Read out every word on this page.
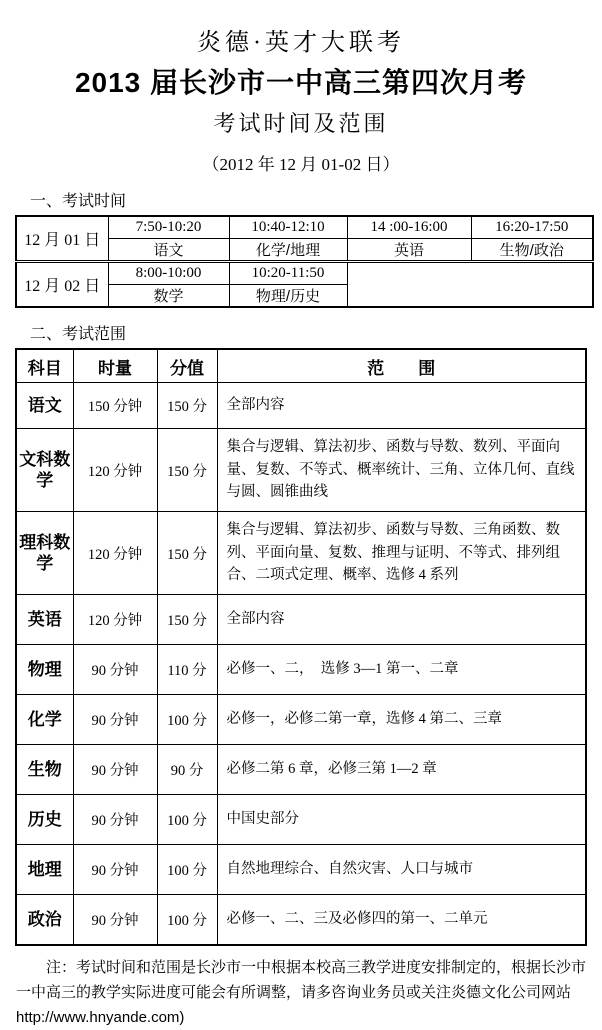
炎德·英才大联考
2013 届长沙市一中高三第四次月考
考试时间及范围
（2012 年 12 月 01-02 日）
一、考试时间
12 月 01 日	7:50-10:20	10:40-12:10	14 :00-16:00	16:20-17:50
	语文	化学/地理	英语	生物/政治
12 月 02 日	8:00-10:00	10:20-11:50		
	数学	物理/历史		
二、考试范围
科目	时量	分值	范　　围
语文	150 分钟	150 分	全部内容
文科数学	120 分钟	150 分	集合与逻辑、算法初步、函数与导数、数列、平面向量、复数、不等式、概率统计、三角、立体几何、直线与圆、圆锥曲线
理科数学	120 分钟	150 分	集合与逻辑、算法初步、函数与导数、三角函数、数列、平面向量、复数、推理与证明、不等式、排列组合、二项式定理、概率、选修 4 系列
英语	120 分钟	150 分	全部内容
物理	90 分钟	110 分	必修一、二，　选修 3—1 第一、二章
化学	90 分钟	100 分	必修一，必修二第一章，选修 4 第二、三章
生物	90 分钟	90 分	必修二第 6 章，必修三第 1—2 章
历史	90 分钟	100 分	中国史部分
地理	90 分钟	100 分	自然地理综合、自然灾害、人口与城市
政治	90 分钟	100 分	必修一、二、三及必修四的第一、二单元

注：考试时间和范围是长沙市一中根据本校高三教学进度安排制定的，根据长沙市一中高三的教学实际进度可能会有所调整，请多咨询业务员或关注炎德文化公司网站 http://www.hnyande.com)
